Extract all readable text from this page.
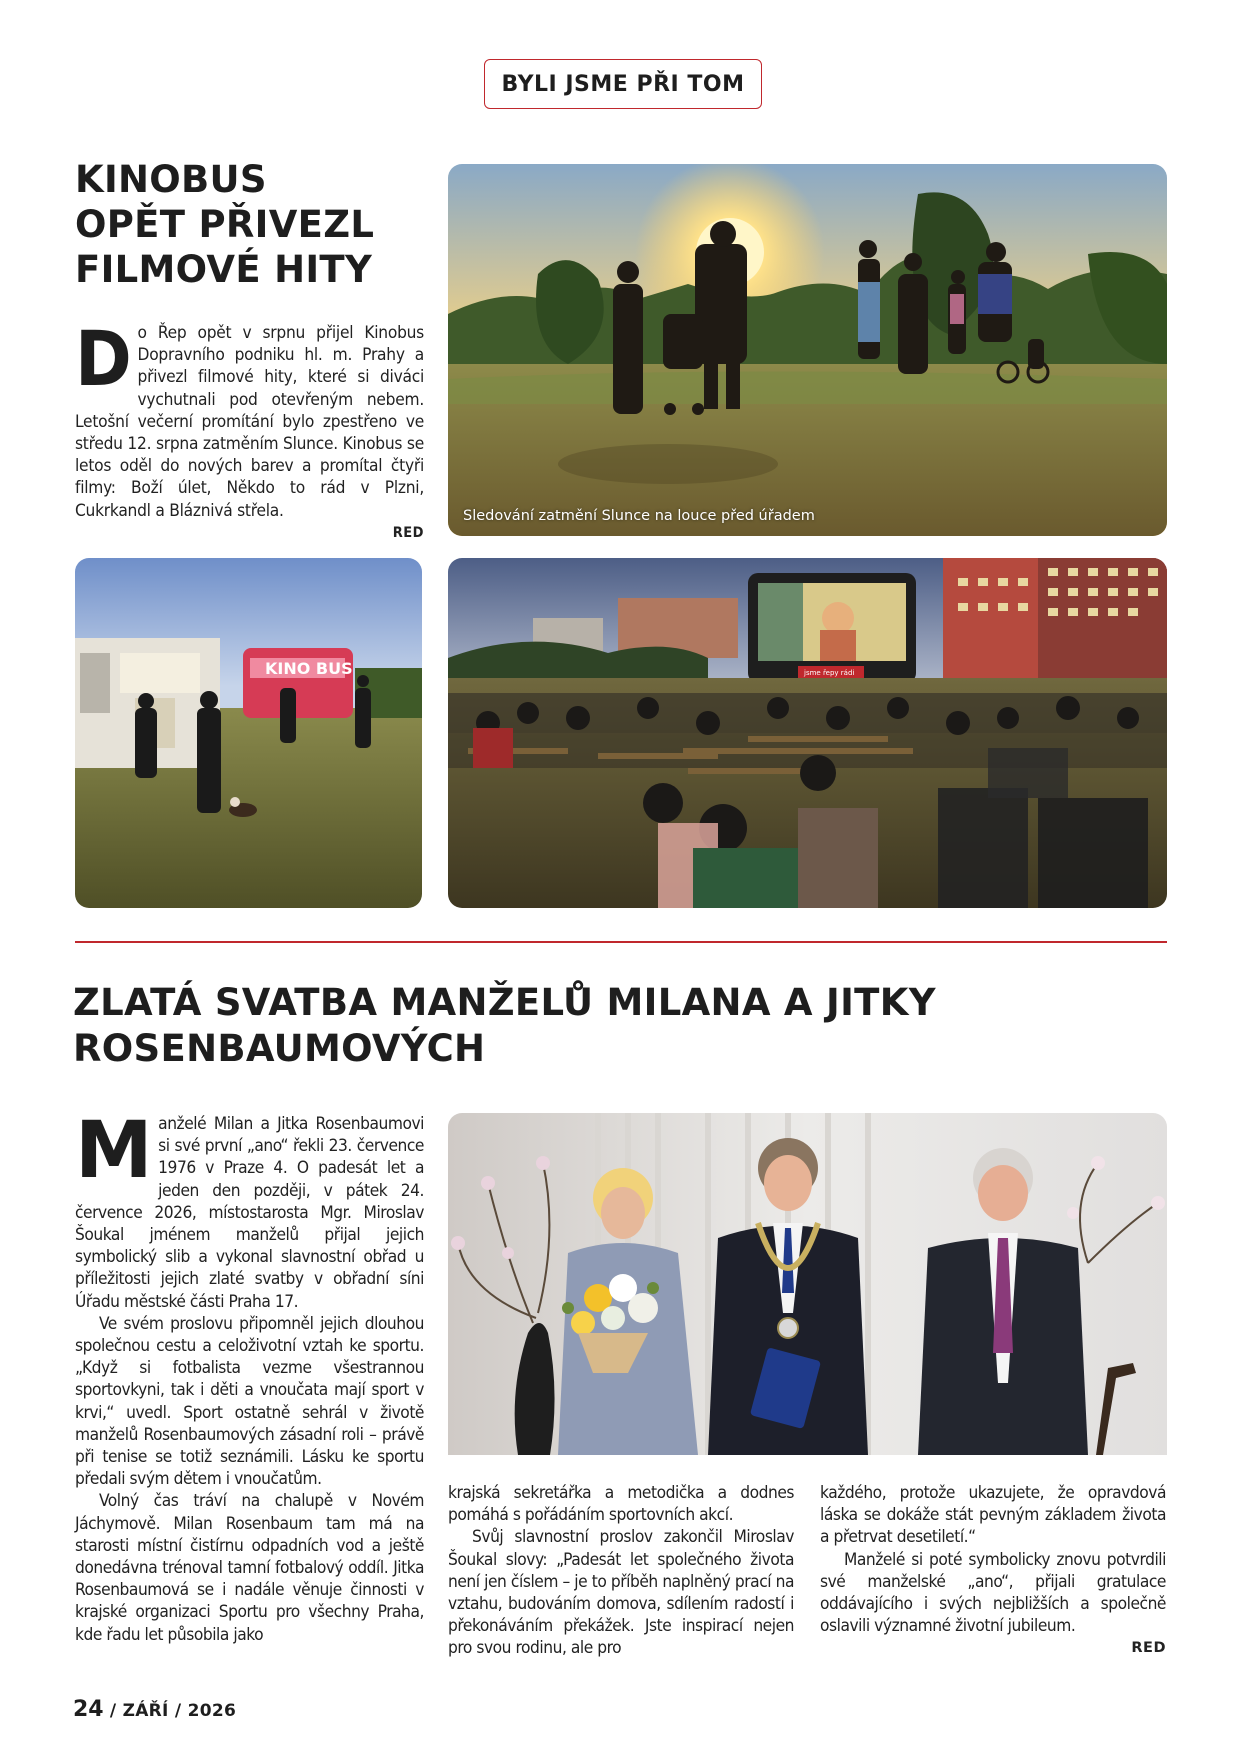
BYLI JSME PŘI TOM
KINOBUS
OPĚT PŘIVEZL
FILMOVÉ HITY

Do Řep opět v srpnu přijel Kinobus Dopravního podniku hl. m. Prahy a přivezl filmové hity, které si diváci vychutnali pod otevřeným nebem. Letošní večerní promítání bylo zpestřeno ve středu 12. srpna zatměním Slunce. Kinobus se letos oděl do nových barev a promítal čtyři filmy: Boží úlet, Někdo to rád v Plzni, Cukrkandl a Bláznivá střela.

RED
Sledování zatmění Slunce na louce před úřadem
KINO BUS	jsme řepy rádi
ZLATÁ SVATBA MANŽELŮ MILANA A JITKY
ROSENBAUMOVÝCH

Manželé Milan a Jitka Rosenbaumovi si své první „ano“ řekli 23. července 1976 v Praze 4. O padesát let a jeden den později, v pátek 24. července 2026, místostarosta Mgr. Miroslav Šoukal jménem manželů přijal jejich symbolický slib a vykonal slavnostní obřad u příležitosti jejich zlaté svatby v obřadní síni Úřadu městské části Praha 17.

Ve svém proslovu připomněl jejich dlouhou společnou cestu a celoživotní vztah ke sportu. „Když si fotbalista vezme všestrannou sportovkyni, tak i děti a vnoučata mají sport v krvi,“ uvedl. Sport ostatně sehrál v životě manželů Rosenbaumových zásadní roli – právě při tenise se totiž seznámili. Lásku ke sportu předali svým dětem i vnoučatům.

Volný čas tráví na chalupě v Novém Jáchymově. Milan Rosenbaum tam má na starosti místní čistírnu odpadních vod a ještě donedávna trénoval tamní fotbalový oddíl. Jitka Rosenbaumová se i nadále věnuje činnosti v krajské organizaci Sportu pro všechny Praha, kde řadu let působila jako

krajská sekretářka a metodička a dodnes pomáhá s pořádáním sportovních akcí.

Svůj slavnostní proslov zakončil Miroslav Šoukal slovy: „Padesát let společného života není jen číslem – je to příběh naplněný prací na vztahu, budováním domova, sdílením radostí i překonáváním překážek. Jste inspirací nejen pro svou rodinu, ale pro

každého, protože ukazujete, že opravdová láska se dokáže stát pevným základem života a přetrvat desetiletí.“

Manželé si poté symbolicky znovu potvrdili své manželské „ano“, přijali gratulace oddávajícího i svých nejbližších a společně oslavili významné životní jubileum.

RED
24 / ZÁŘÍ / 2026
